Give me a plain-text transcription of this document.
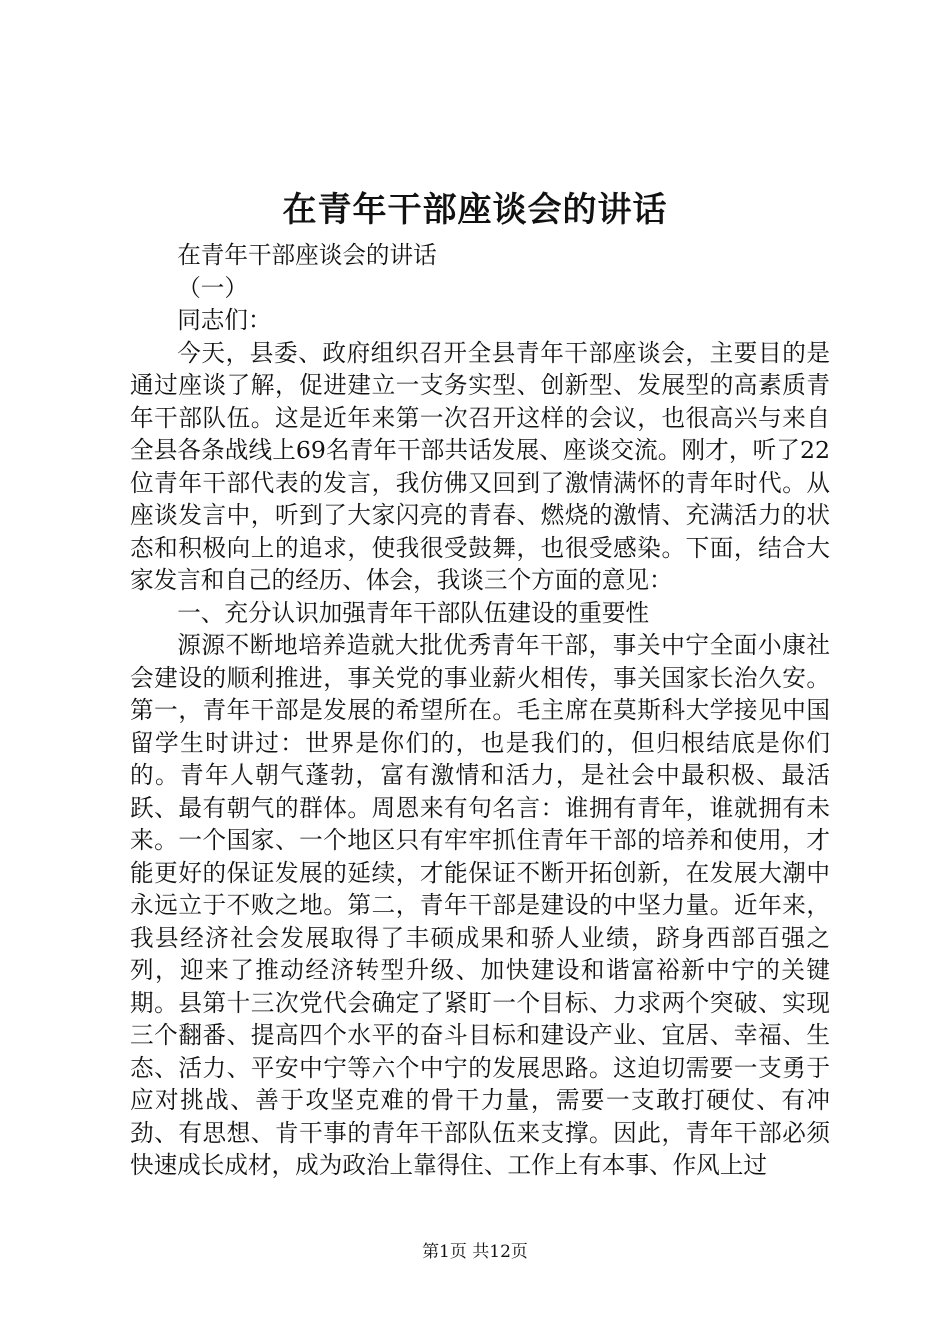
在青年干部座谈会的讲话

在青年干部座谈会的讲话

（一）

同志们：

今天，县委、政府组织召开全县青年干部座谈会，主要目的是通过座谈了解，促进建立一支务实型、创新型、发展型的高素质青年干部队伍。这是近年来第一次召开这样的会议，也很高兴与来自全县各条战线上69名青年干部共话发展、座谈交流。刚才，听了22位青年干部代表的发言，我仿佛又回到了激情满怀的青年时代。从座谈发言中，听到了大家闪亮的青春、燃烧的激情、充满活力的状态和积极向上的追求，使我很受鼓舞，也很受感染。下面，结合大家发言和自己的经历、体会，我谈三个方面的意见：

一、充分认识加强青年干部队伍建设的重要性

源源不断地培养造就大批优秀青年干部，事关中宁全面小康社会建设的顺利推进，事关党的事业薪火相传，事关国家长治久安。第一，青年干部是发展的希望所在。毛主席在莫斯科大学接见中国留学生时讲过：世界是你们的，也是我们的，但归根结底是你们的。青年人朝气蓬勃，富有激情和活力，是社会中最积极、最活跃、最有朝气的群体。周恩来有句名言：谁拥有青年，谁就拥有未来。一个国家、一个地区只有牢牢抓住青年干部的培养和使用，才能更好的保证发展的延续，才能保证不断开拓创新，在发展大潮中永远立于不败之地。第二，青年干部是建设的中坚力量。近年来，我县经济社会发展取得了丰硕成果和骄人业绩，跻身西部百强之列，迎来了推动经济转型升级、加快建设和谐富裕新中宁的关键期。县第十三次党代会确定了紧盯一个目标、力求两个突破、实现三个翻番、提高四个水平的奋斗目标和建设产业、宜居、幸福、生态、活力、平安中宁等六个中宁的发展思路。这迫切需要一支勇于应对挑战、善于攻坚克难的骨干力量，需要一支敢打硬仗、有冲劲、有思想、肯干事的青年干部队伍来支撑。因此，青年干部必须快速成长成材，成为政治上靠得住、工作上有本事、作风上过

第1页 共12页
